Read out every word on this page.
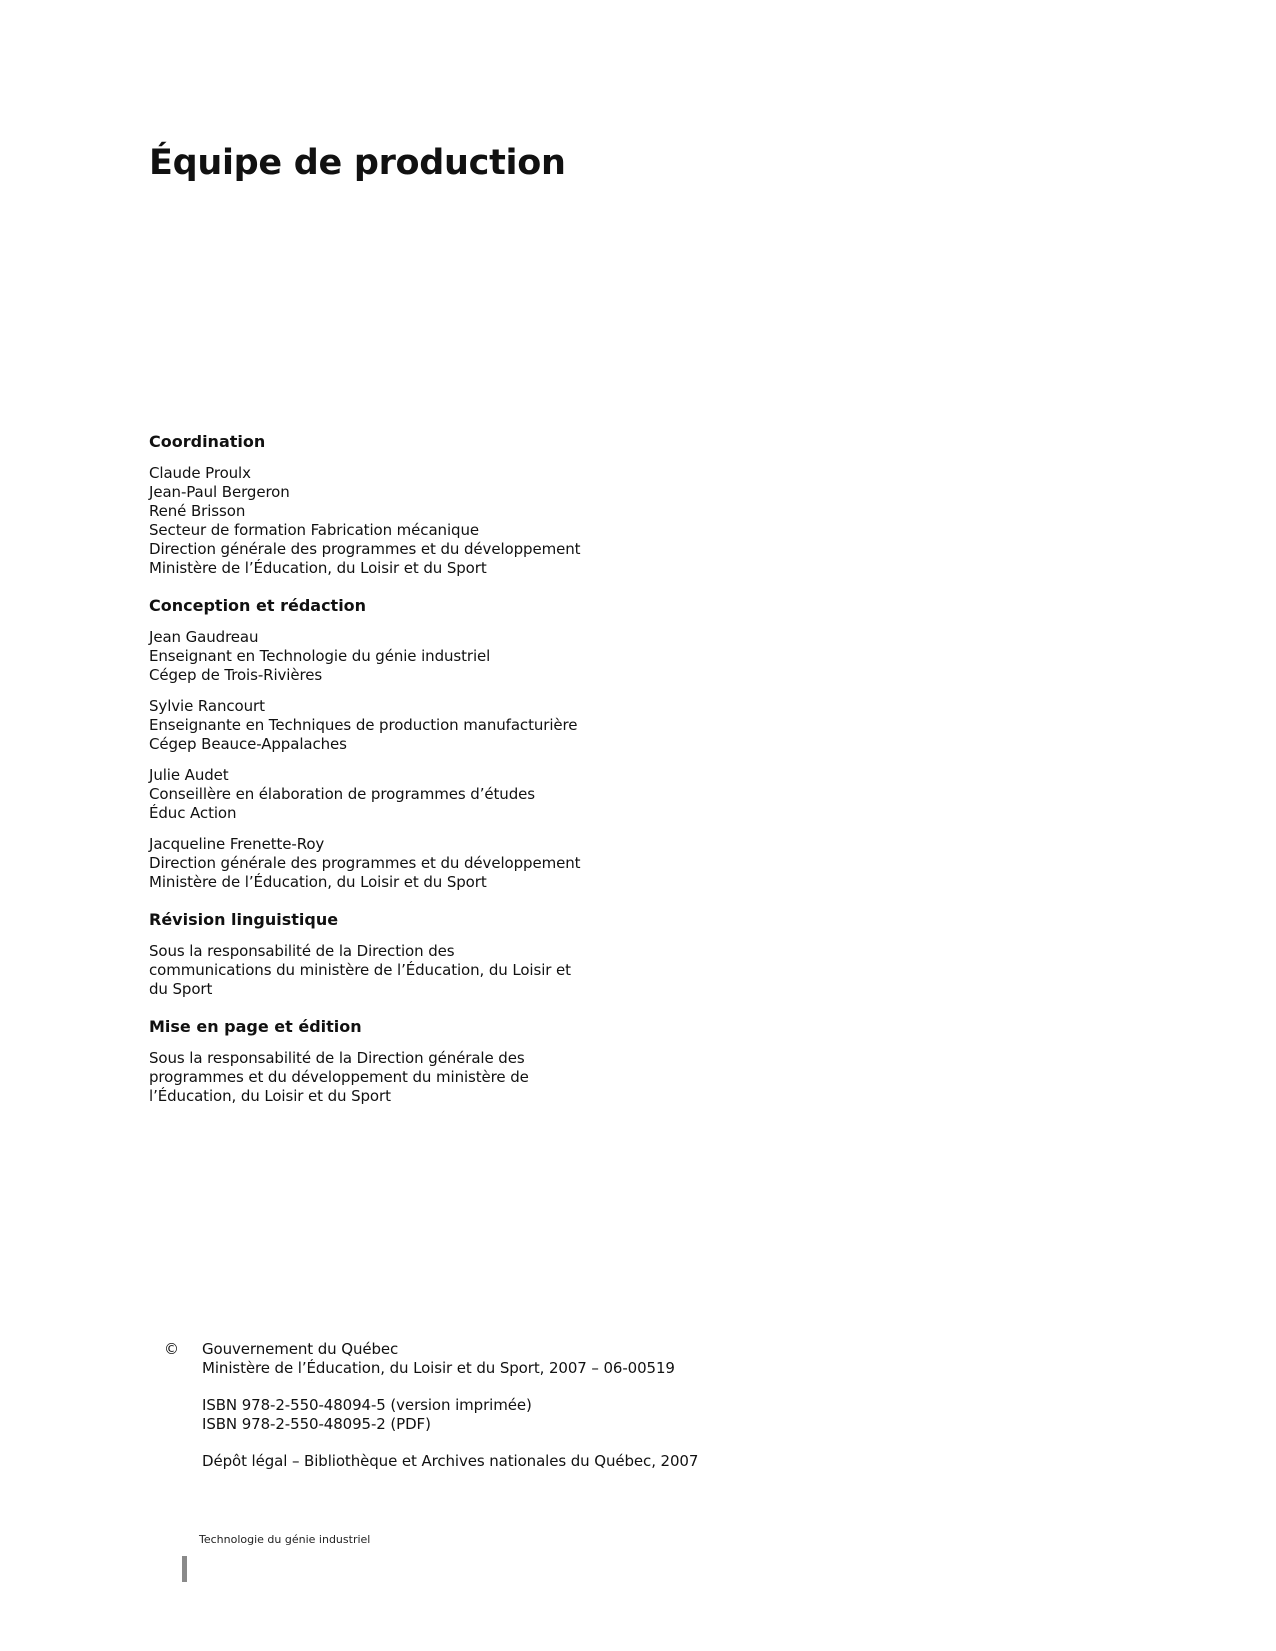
Équipe de production
Coordination
Claude Proulx
Jean-Paul Bergeron
René Brisson
Secteur de formation Fabrication mécanique
Direction générale des programmes et du développement
Ministère de l’Éducation, du Loisir et du Sport
Conception et rédaction
Jean Gaudreau
Enseignant en Technologie du génie industriel
Cégep de Trois-Rivières
Sylvie Rancourt
Enseignante en Techniques de production manufacturière
Cégep Beauce-Appalaches
Julie Audet
Conseillère en élaboration de programmes d’études
Éduc Action
Jacqueline Frenette-Roy
Direction générale des programmes et du développement
Ministère de l’Éducation, du Loisir et du Sport
Révision linguistique
Sous la responsabilité de la Direction des
communications du ministère de l’Éducation, du Loisir et
du Sport
Mise en page et édition
Sous la responsabilité de la Direction générale des
programmes et du développement du ministère de
l’Éducation, du Loisir et du Sport
© Gouvernement du Québec
Ministère de l’Éducation, du Loisir et du Sport, 2007 – 06-00519
ISBN 978-2-550-48094-5 (version imprimée)
ISBN 978-2-550-48095-2 (PDF)
Dépôt légal – Bibliothèque et Archives nationales du Québec, 2007
Technologie du génie industriel
